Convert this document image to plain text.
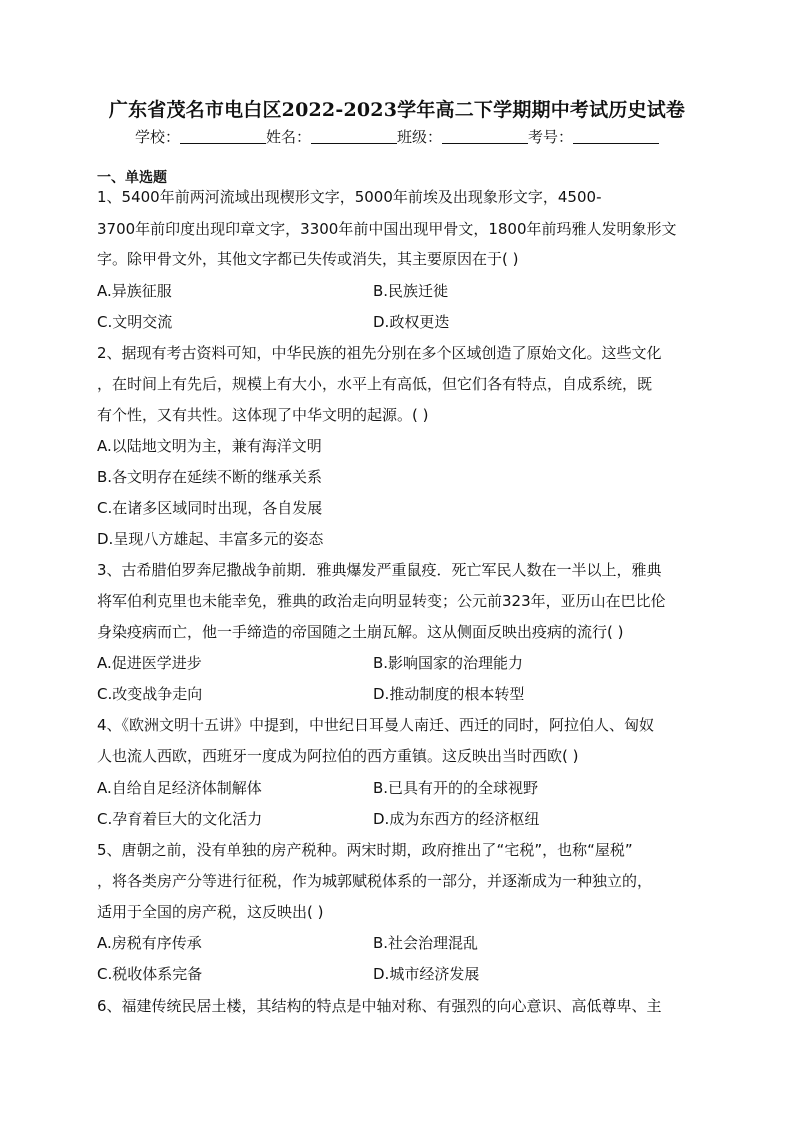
广东省茂名市电白区2022-2023学年高二下学期期中考试历史试卷
学校：	姓名：	班级：	考号：
一、单选题
1、5400年前两河流域出现楔形文字，5000年前埃及出现象形文字，4500-
3700年前印度出现印章文字，3300年前中国出现甲骨文，1800年前玛雅人发明象形文
字。除甲骨文外，其他文字都已失传或消失，其主要原因在于( )
A.异族征服	B.民族迁徙
C.文明交流	D.政权更迭
2、据现有考古资料可知，中华民族的祖先分别在多个区域创造了原始文化。这些文化
，在时间上有先后，规模上有大小，水平上有高低，但它们各有特点，自成系统，既
有个性，又有共性。这体现了中华文明的起源。( )
A.以陆地文明为主，兼有海洋文明
B.各文明存在延续不断的继承关系
C.在诸多区域同时出现，各自发展
D.呈现八方雄起、丰富多元的姿态
3、古希腊伯罗奔尼撒战争前期．雅典爆发严重鼠疫．死亡军民人数在一半以上，雅典
将军伯利克里也未能幸免，雅典的政治走向明显转变；公元前323年，亚历山在巴比伦
身染疫病而亡，他一手缔造的帝国随之土崩瓦解。这从侧面反映出疫病的流行( )
A.促进医学进步	B.影响国家的治理能力
C.改变战争走向	D.推动制度的根本转型
4、《欧洲文明十五讲》中提到，中世纪日耳曼人南迁、西迁的同时，阿拉伯人、匈奴
人也流人西欧，西班牙一度成为阿拉伯的西方重镇。这反映出当时西欧( )
A.自给自足经济体制解体	B.已具有开的的全球视野
C.孕育着巨大的文化活力	D.成为东西方的经济枢纽
5、唐朝之前，没有单独的房产税种。两宋时期，政府推出了“宅税”，也称“屋税”
，将各类房产分等进行征税，作为城郭赋税体系的一部分，并逐渐成为一种独立的，
适用于全国的房产税，这反映出( )
A.房税有序传承	B.社会治理混乱
C.税收体系完备	D.城市经济发展
6、福建传统民居土楼，其结构的特点是中轴对称、有强烈的向心意识、高低尊卑、主
